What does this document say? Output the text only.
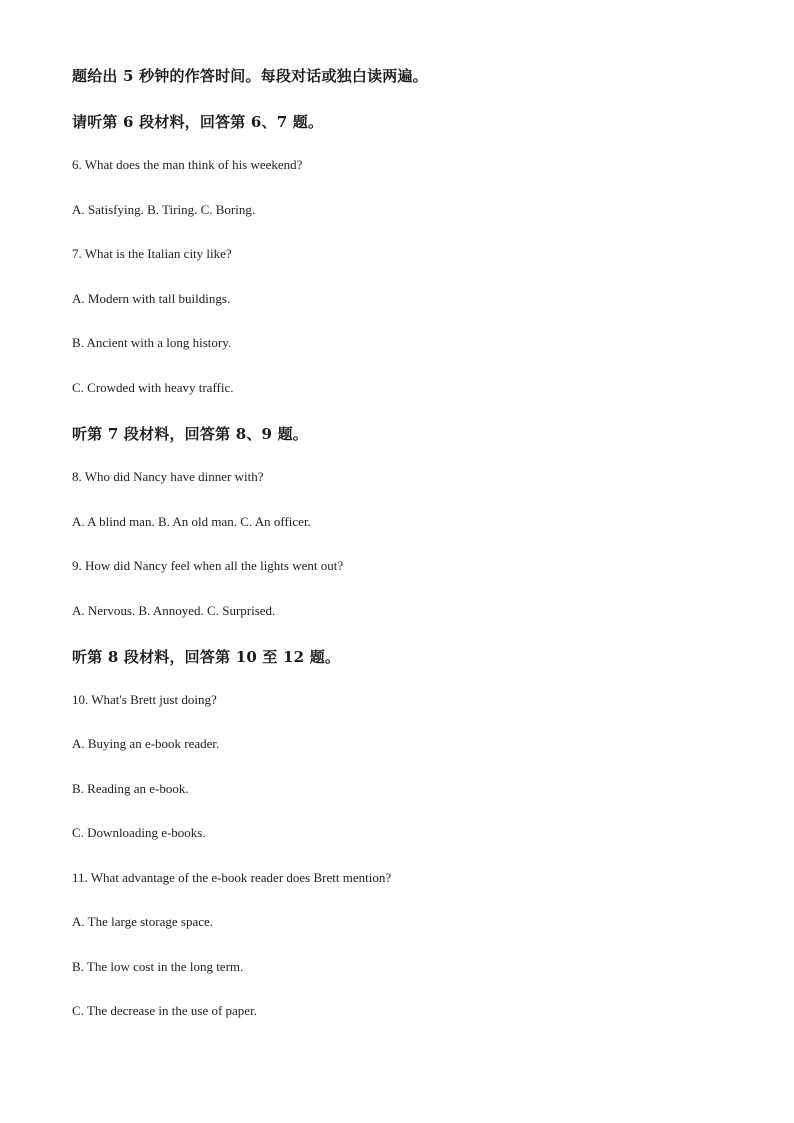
题给出 5 秒钟的作答时间。每段对话或独白读两遍。
请听第 6 段材料，回答第 6、7 题。
6. What does the man think of his weekend?
A. Satisfying. B. Tiring. C. Boring.
7. What is the Italian city like?
A. Modern with tall buildings.
B. Ancient with a long history.
C. Crowded with heavy traffic.
听第 7 段材料，回答第 8、9 题。
8. Who did Nancy have dinner with?
A. A blind man. B. An old man. C. An officer.
9. How did Nancy feel when all the lights went out?
A. Nervous. B. Annoyed. C. Surprised.
听第 8 段材料，回答第 10 至 12 题。
10. What's Brett just doing?
A. Buying an e-book reader.
B. Reading an e-book.
C. Downloading e-books.
11. What advantage of the e-book reader does Brett mention?
A. The large storage space.
B. The low cost in the long term.
C. The decrease in the use of paper.
